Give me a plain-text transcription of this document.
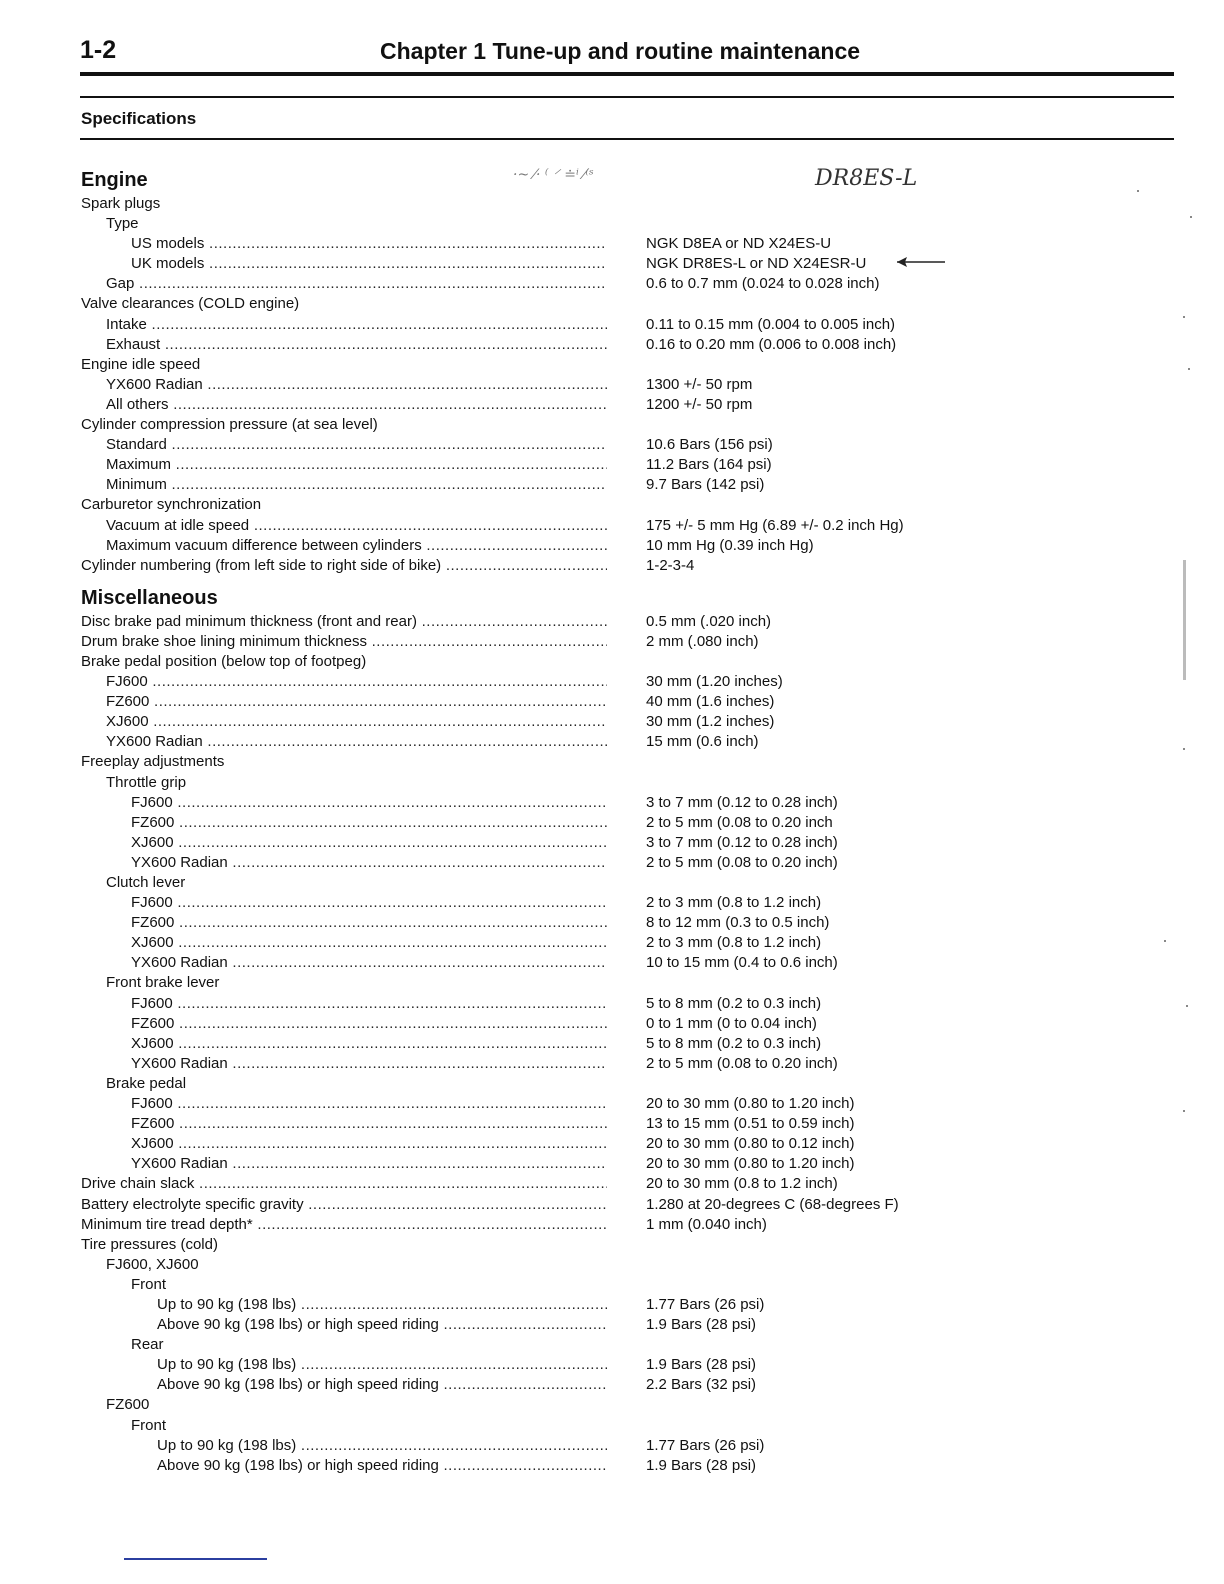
1-2	Chapter 1 Tune-up and routine maintenance
Specifications
DR8ES-L
·~ ⁄· ⁽ ⸍ ≐ⁱ ⁄⁽ˢ
Engine
Spark plugs
Type
US models .....	NGK D8EA or ND X24ES-U
UK models .....	NGK DR8ES-L or ND X24ESR-U
Gap .....	0.6 to 0.7 mm (0.024 to 0.028 inch)
Valve clearances (COLD engine)
Intake .....	0.11 to 0.15 mm (0.004 to 0.005 inch)
Exhaust .....	0.16 to 0.20 mm (0.006 to 0.008 inch)
Engine idle speed
YX600 Radian .....	1300 +/- 50 rpm
All others .....	1200 +/- 50 rpm
Cylinder compression pressure (at sea level)
Standard .....	10.6 Bars (156 psi)
Maximum .....	11.2 Bars (164 psi)
Minimum .....	9.7 Bars (142 psi)
Carburetor synchronization
Vacuum at idle speed .....	175 +/- 5 mm Hg (6.89 +/- 0.2 inch Hg)
Maximum vacuum difference between cylinders .....	10 mm Hg (0.39 inch Hg)
Cylinder numbering (from left side to right side of bike) .....	1-2-3-4
Miscellaneous
Disc brake pad minimum thickness (front and rear) .....	0.5 mm (.020 inch)
Drum brake shoe lining minimum thickness .....	2 mm (.080 inch)
Brake pedal position (below top of footpeg)
FJ600 .....	30 mm (1.20 inches)
FZ600 .....	40 mm (1.6 inches)
XJ600 .....	30 mm (1.2 inches)
YX600 Radian .....	15 mm (0.6 inch)
Freeplay adjustments
Throttle grip
FJ600 .....	3 to 7 mm (0.12 to 0.28 inch)
FZ600 .....	2 to 5 mm (0.08 to 0.20 inch
XJ600 .....	3 to 7 mm (0.12 to 0.28 inch)
YX600 Radian .....	2 to 5 mm (0.08 to 0.20 inch)
Clutch lever
FJ600 .....	2 to 3 mm (0.8 to 1.2 inch)
FZ600 .....	8 to 12 mm (0.3 to 0.5 inch)
XJ600 .....	2 to 3 mm (0.8 to 1.2 inch)
YX600 Radian .....	10 to 15 mm (0.4 to 0.6 inch)
Front brake lever
FJ600 .....	5 to 8 mm (0.2 to 0.3 inch)
FZ600 .....	0 to 1 mm (0 to 0.04 inch)
XJ600 .....	5 to 8 mm (0.2 to 0.3 inch)
YX600 Radian .....	2 to 5 mm (0.08 to 0.20 inch)
Brake pedal
FJ600 .....	20 to 30 mm (0.80 to 1.20 inch)
FZ600 .....	13 to 15 mm (0.51 to 0.59 inch)
XJ600 .....	20 to 30 mm (0.80 to 0.12 inch)
YX600 Radian .....	20 to 30 mm (0.80 to 1.20 inch)
Drive chain slack .....	20 to 30 mm (0.8 to 1.2 inch)
Battery electrolyte specific gravity .....	1.280 at 20-degrees C (68-degrees F)
Minimum tire tread depth* .....	1 mm (0.040 inch)
Tire pressures (cold)
FJ600, XJ600
Front
Up to 90 kg (198 lbs) .....	1.77 Bars (26 psi)
Above 90 kg (198 lbs) or high speed riding .....	1.9 Bars (28 psi)
Rear
Up to 90 kg (198 lbs) .....	1.9 Bars (28 psi)
Above 90 kg (198 lbs) or high speed riding .....	2.2 Bars (32 psi)
FZ600
Front
Up to 90 kg (198 lbs) .....	1.77 Bars (26 psi)
Above 90 kg (198 lbs) or high speed riding .....	1.9 Bars (28 psi)
